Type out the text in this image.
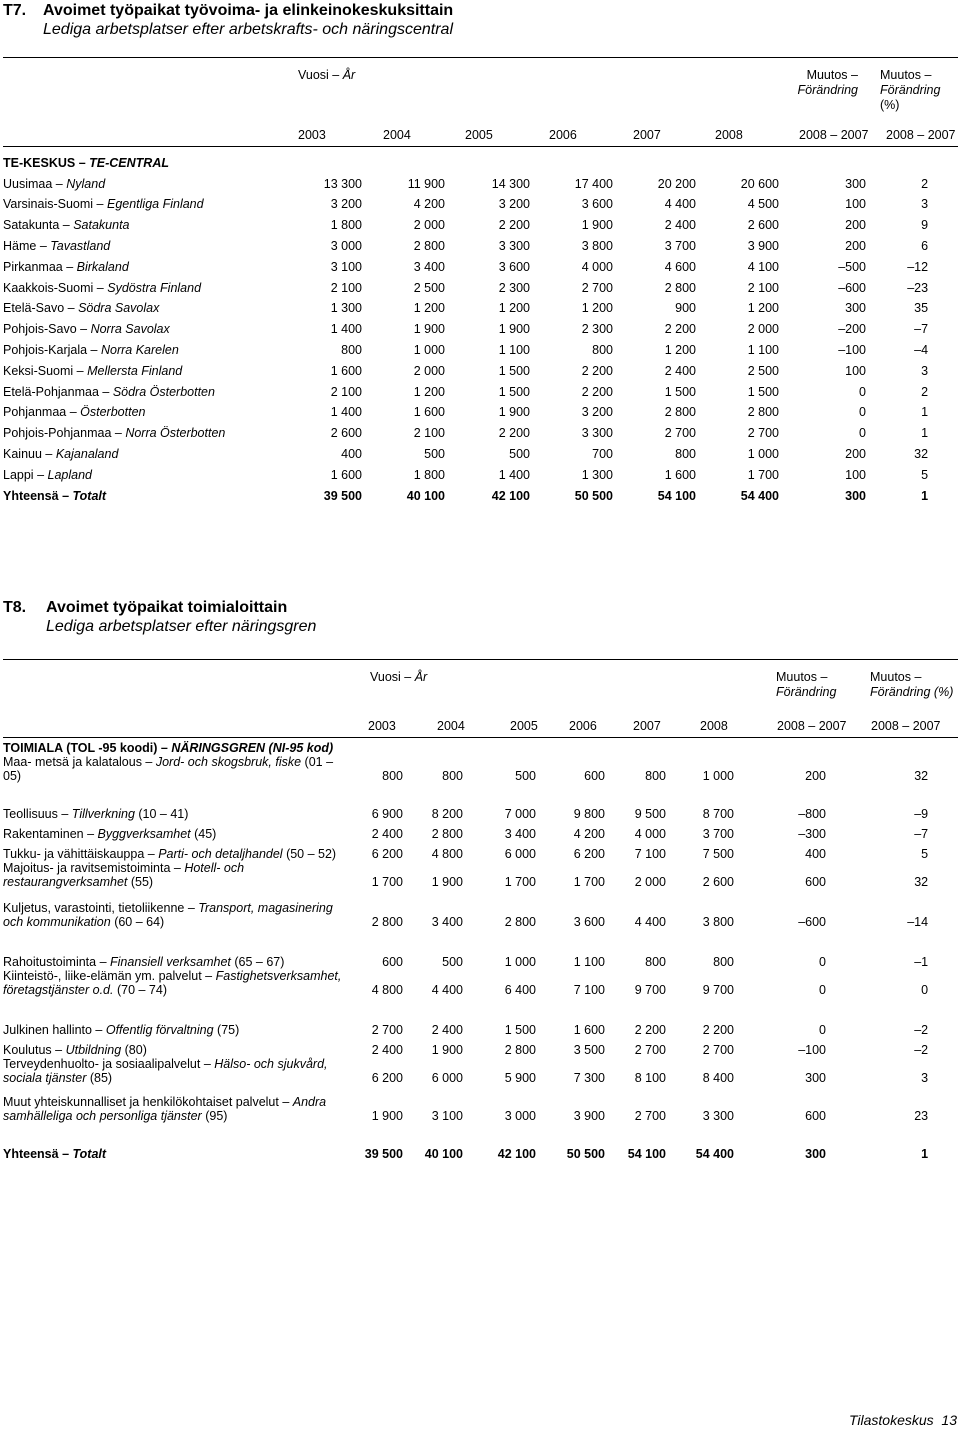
T7. Avoimet työpaikat työvoima- ja elinkeinokeskuksittain
Lediga arbetsplatser efter arbetskrafts- och näringscentral
Vuosi – År	Muutos –
Förändring
Muutos –
Förändring
(%)
2003	2004	2005	2006	2007	2008	2008 – 2007 2008 – 2007
TE-KESKUS – TE-CENTRAL								
Uusimaa – Nyland	13 300	11 900	14 300	17 400	20 200	20 600	300	2
Varsinais-Suomi – Egentliga Finland	3 200	4 200	3 200	3 600	4 400	4 500	100	3
Satakunta – Satakunta	1 800	2 000	2 200	1 900	2 400	2 600	200	9
Häme – Tavastland	3 000	2 800	3 300	3 800	3 700	3 900	200	6
Pirkanmaa – Birkaland	3 100	3 400	3 600	4 000	4 600	4 100	–500	–12
Kaakkois-Suomi – Sydöstra Finland	2 100	2 500	2 300	2 700	2 800	2 100	–600	–23
Etelä-Savo – Södra Savolax	1 300	1 200	1 200	1 200	900	1 200	300	35
Pohjois-Savo – Norra Savolax	1 400	1 900	1 900	2 300	2 200	2 000	–200	–7
Pohjois-Karjala – Norra Karelen	800	1 000	1 100	800	1 200	1 100	–100	–4
Keksi-Suomi – Mellersta Finland	1 600	2 000	1 500	2 200	2 400	2 500	100	3
Etelä-Pohjanmaa – Södra Österbotten	2 100	1 200	1 500	2 200	1 500	1 500	0	2
Pohjanmaa – Österbotten	1 400	1 600	1 900	3 200	2 800	2 800	0	1
Pohjois-Pohjanmaa – Norra Österbotten	2 600	2 100	2 200	3 300	2 700	2 700	0	1
Kainuu – Kajanaland	400	500	500	700	800	1 000	200	32
Lappi – Lapland	1 600	1 800	1 400	1 300	1 600	1 700	100	5
Yhteensä – Totalt	39 500	40 100	42 100	50 500	54 100	54 400	300	1
T8. Avoimet työpaikat toimialoittain
Lediga arbetsplatser efter näringsgren
Vuosi – År	Muutos –
Förändring
Muutos –
Förändring (%)
2003	2004	2005 2006	2007	2008	2008 – 2007 2008 – 2007
TOIMIALA (TOL -95 koodi) – NÄRINGSGREN (NI-95 kod)								
Maa- metsä ja kalatalous – Jord- och skogsbruk, fiske (01 – 05)	800	800	500	600	800	1 000	200	32
Teollisuus – Tillverkning (10 – 41)	6 900	8 200	7 000	9 800	9 500	8 700	–800	–9
Rakentaminen – Byggverksamhet (45)	2 400	2 800	3 400	4 200	4 000	3 700	–300	–7
Tukku- ja vähittäiskauppa – Parti- och detaljhandel (50 – 52)	6 200	4 800	6 000	6 200	7 100	7 500	400	5
Majoitus- ja ravitsemistoiminta – Hotell- och restaurangverksamhet (55)	1 700	1 900	1 700	1 700	2 000	2 600	600	32
Kuljetus, varastointi, tietoliikenne – Transport, magasinering och kommunikation (60 – 64)	2 800	3 400	2 800	3 600	4 400	3 800	–600	–14
Rahoitustoiminta – Finansiell verksamhet (65 – 67)	600	500	1 000	1 100	800	800	0	–1
Kiinteistö-, liike-elämän ym. palvelut – Fastighetsverksamhet, företagstjänster o.d. (70 – 74)	4 800	4 400	6 400	7 100	9 700	9 700	0	0
Julkinen hallinto – Offentlig förvaltning (75)	2 700	2 400	1 500	1 600	2 200	2 200	0	–2
Koulutus – Utbildning (80)	2 400	1 900	2 800	3 500	2 700	2 700	–100	–2
Terveydenhuolto- ja sosiaalipalvelut – Hälso- och sjukvård, sociala tjänster (85)	6 200	6 000	5 900	7 300	8 100	8 400	300	3
Muut yhteiskunnalliset ja henkilökohtaiset palvelut – Andra samhälleliga och personliga tjänster (95)	1 900	3 100	3 000	3 900	2 700	3 300	600	23
Yhteensä – Totalt	39 500	40 100	42 100	50 500	54 100	54 400	300	1
Tilastokeskus 13
